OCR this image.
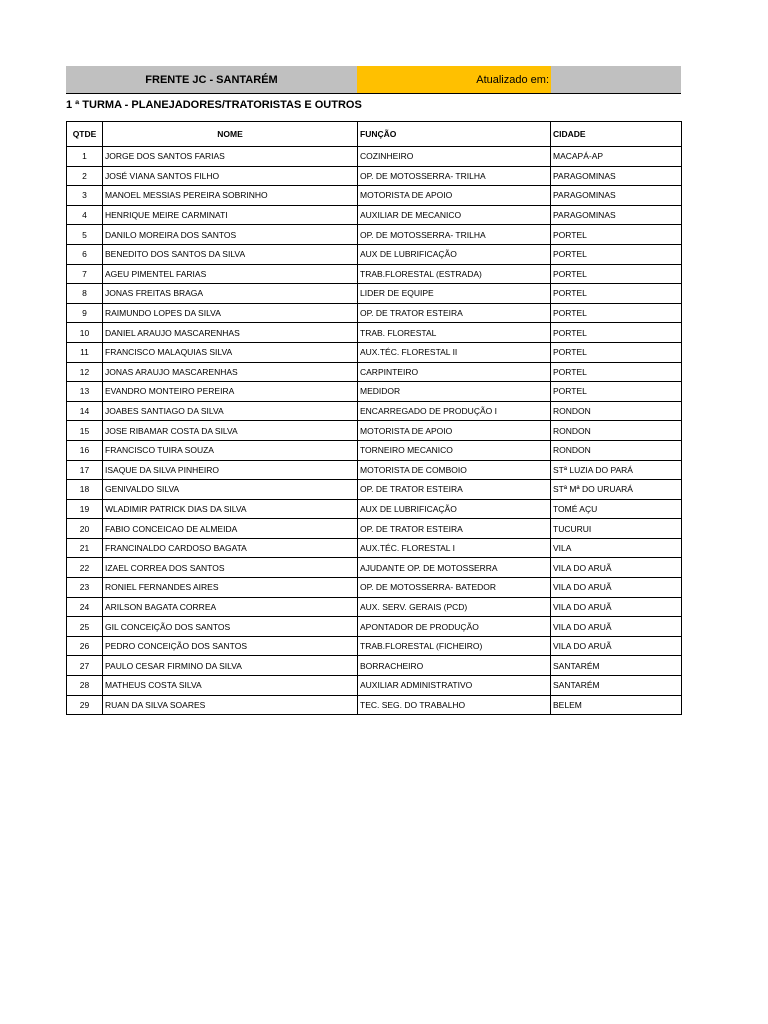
FRENTE JC - SANTARÉM	Atualizado em:
1 ª TURMA - PLANEJADORES/TRATORISTAS E OUTROS
QTDE	NOME	FUNÇÃO	CIDADE
1	JORGE DOS SANTOS FARIAS	COZINHEIRO	MACAPÁ-AP
2	JOSÉ VIANA SANTOS FILHO	OP. DE MOTOSSERRA- TRILHA	PARAGOMINAS
3	MANOEL MESSIAS PEREIRA SOBRINHO	MOTORISTA DE APOIO	PARAGOMINAS
4	HENRIQUE MEIRE CARMINATI	AUXILIAR DE MECANICO	PARAGOMINAS
5	DANILO MOREIRA DOS SANTOS	OP. DE MOTOSSERRA- TRILHA	PORTEL
6	BENEDITO DOS SANTOS DA SILVA	AUX DE LUBRIFICAÇÃO	PORTEL
7	AGEU PIMENTEL FARIAS	TRAB.FLORESTAL (ESTRADA)	PORTEL
8	JONAS FREITAS BRAGA	LIDER DE EQUIPE	PORTEL
9	RAIMUNDO LOPES DA SILVA	OP. DE TRATOR ESTEIRA	PORTEL
10	DANIEL ARAUJO MASCARENHAS	TRAB. FLORESTAL	PORTEL
11	FRANCISCO MALAQUIAS SILVA	AUX.TÉC. FLORESTAL II	PORTEL
12	JONAS ARAUJO MASCARENHAS	CARPINTEIRO	PORTEL
13	EVANDRO MONTEIRO PEREIRA	MEDIDOR	PORTEL
14	JOABES SANTIAGO DA SILVA	ENCARREGADO DE PRODUÇÃO I	RONDON
15	JOSE RIBAMAR COSTA DA SILVA	MOTORISTA DE APOIO	RONDON
16	FRANCISCO TUIRA SOUZA	TORNEIRO MECANICO	RONDON
17	ISAQUE DA SILVA PINHEIRO	MOTORISTA DE COMBOIO	STª LUZIA DO PARÁ
18	GENIVALDO SILVA	OP. DE TRATOR ESTEIRA	STª Mª DO URUARÁ
19	WLADIMIR PATRICK DIAS DA SILVA	AUX DE LUBRIFICAÇÃO	TOMÉ AÇU
20	FABIO CONCEICAO DE ALMEIDA	OP. DE TRATOR ESTEIRA	TUCURUI
21	FRANCINALDO CARDOSO BAGATA	AUX.TÉC. FLORESTAL I	VILA
22	IZAEL CORREA DOS SANTOS	AJUDANTE OP. DE MOTOSSERRA	VILA DO ARUÃ
23	RONIEL FERNANDES AIRES	OP. DE MOTOSSERRA- BATEDOR	VILA DO ARUÃ
24	ARILSON BAGATA CORREA	AUX. SERV. GERAIS (PCD)	VILA DO ARUÃ
25	GIL CONCEIÇÃO DOS SANTOS	APONTADOR DE PRODUÇÃO	VILA DO ARUÃ
26	PEDRO CONCEIÇÃO DOS SANTOS	TRAB.FLORESTAL (FICHEIRO)	VILA DO ARUÃ
27	PAULO CESAR FIRMINO DA SILVA	BORRACHEIRO	SANTARÉM
28	MATHEUS COSTA SILVA	AUXILIAR ADMINISTRATIVO	SANTARÉM
29	RUAN DA SILVA SOARES	TEC. SEG. DO TRABALHO	BELEM
